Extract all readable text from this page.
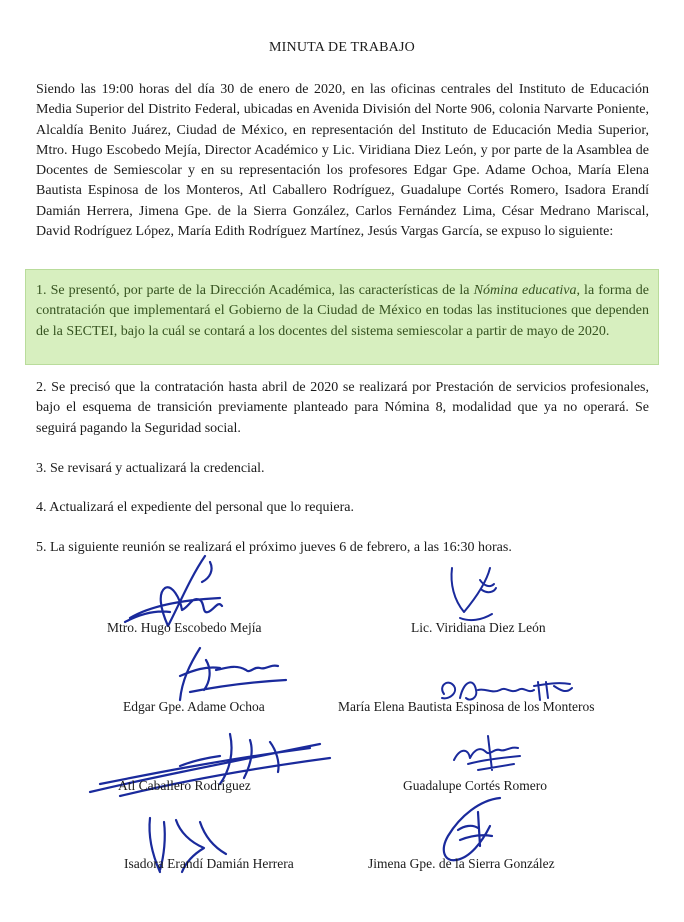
MINUTA DE TRABAJO

Siendo las 19:00 horas del día 30 de enero de 2020, en las oficinas centrales del Instituto de Educación Media Superior del Distrito Federal, ubicadas en Avenida División del Norte 906, colonia Narvarte Poniente, Alcaldía Benito Juárez, Ciudad de México, en representación del Instituto de Educación Media Superior, Mtro. Hugo Escobedo Mejía, Director Académico y Lic. Viridiana Diez León, y por parte de la Asamblea de Docentes de Semiescolar y en su representación los profesores Edgar Gpe. Adame Ochoa, María Elena Bautista Espinosa de los Monteros, Atl Caballero Rodríguez, Guadalupe Cortés Romero, Isadora Erandí Damián Herrera, Jimena Gpe. de la Sierra González, Carlos Fernández Lima, César Medrano Mariscal, David Rodríguez López, María Edith Rodríguez Martínez, Jesús Vargas García, se expuso lo siguiente:

1. Se presentó, por parte de la Dirección Académica, las características de la Nómina educativa, la forma de contratación que implementará el Gobierno de la Ciudad de México en todas las instituciones que dependen de la SECTEI, bajo la cuál se contará a los docentes del sistema semiescolar a partir de mayo de 2020.

2. Se precisó que la contratación hasta abril de 2020 se realizará por Prestación de servicios profesionales, bajo el esquema de transición previamente planteado para Nómina 8, modalidad que ya no operará. Se seguirá pagando la Seguridad social.

3. Se revisará y actualizará la credencial.

4. Actualizará el expediente del personal que lo requiera.

5. La siguiente reunión se realizará el próximo jueves 6 de febrero, a las 16:30 horas.

Mtro. Hugo Escobedo Mejía	Lic. Viridiana Diez León
Edgar Gpe. Adame Ochoa	María Elena Bautista Espinosa de los Monteros
Atl Caballero Rodríguez	Guadalupe Cortés Romero
Isadora Erandí Damián Herrera	Jimena Gpe. de la Sierra González
